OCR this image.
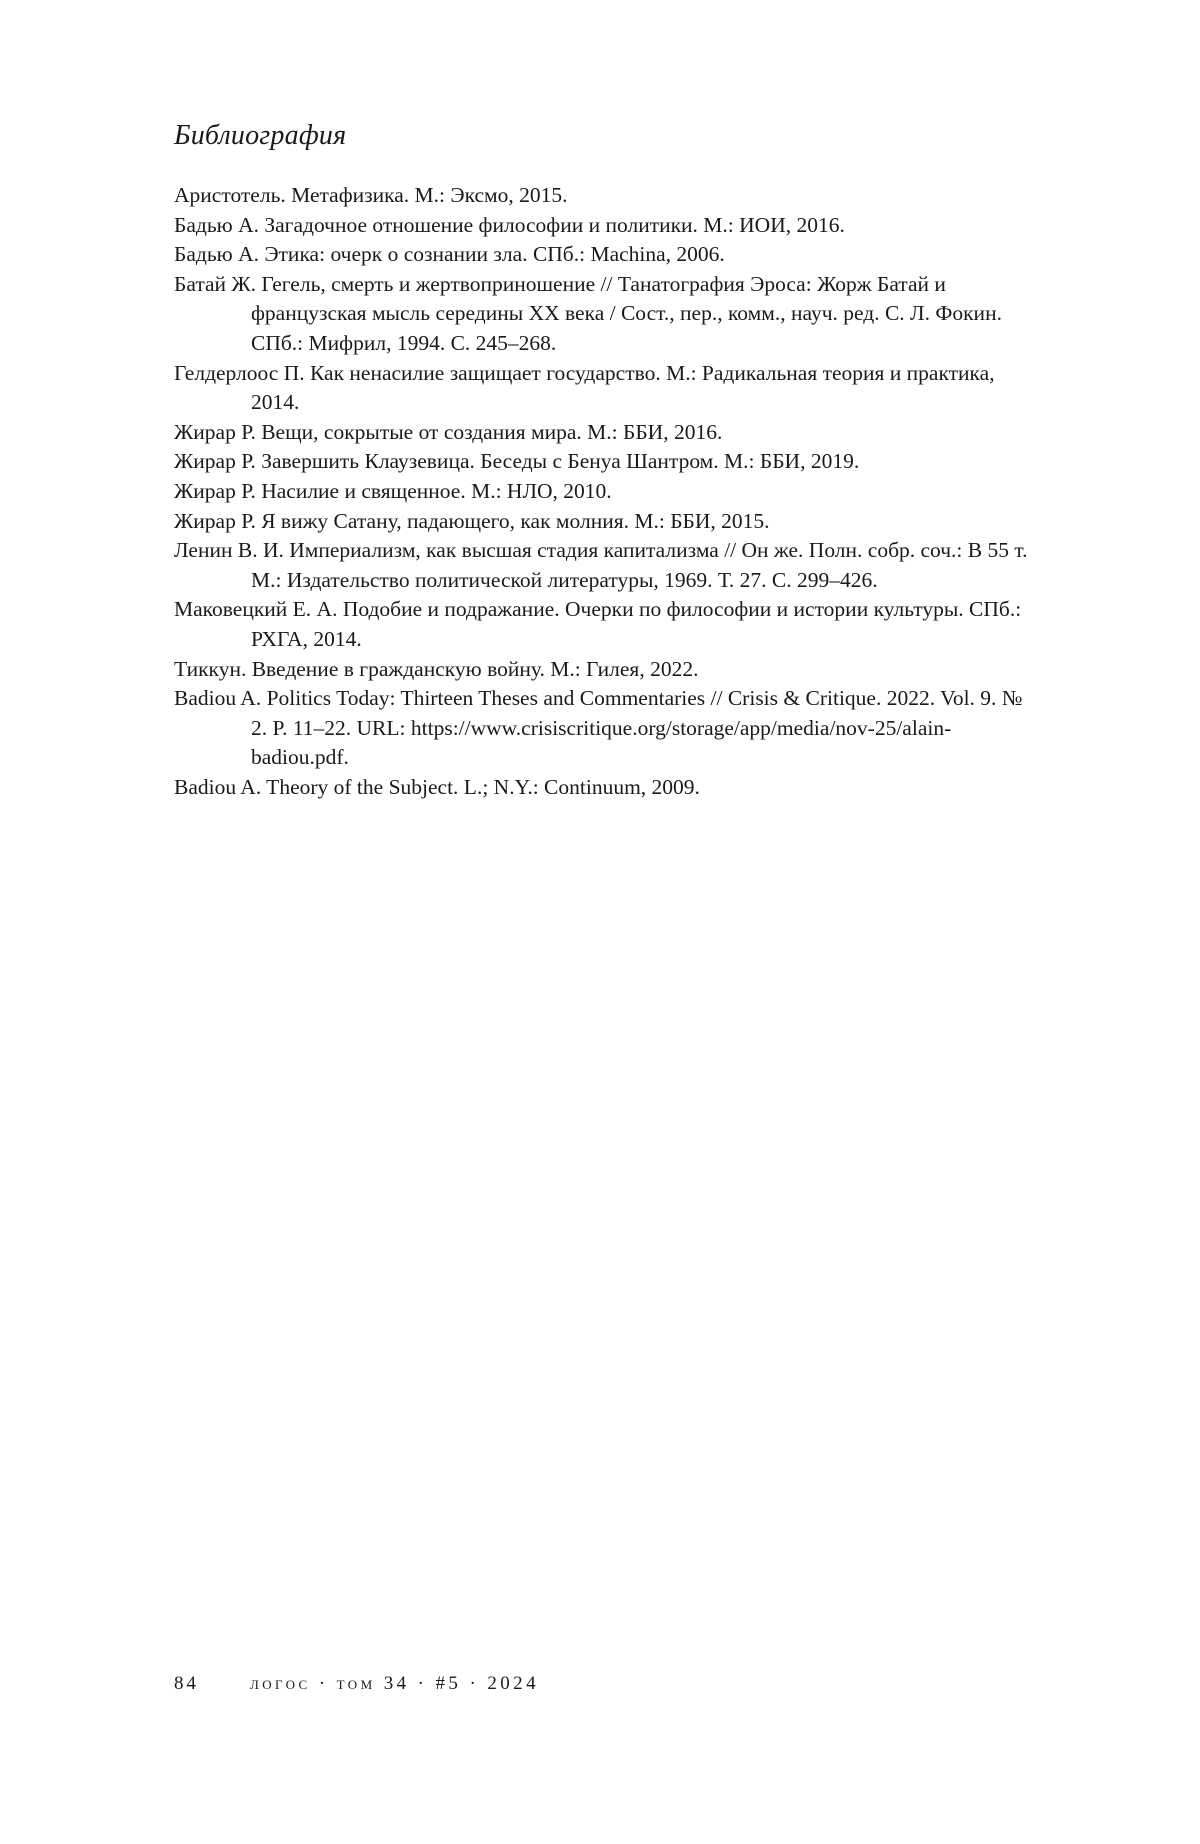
Библиография
Аристотель. Метафизика. М.: Эксмо, 2015.
Бадью А. Загадочное отношение философии и политики. М.: ИОИ, 2016.
Бадью А. Этика: очерк о сознании зла. СПб.: Machina, 2006.
Батай Ж. Гегель, смерть и жертвоприношение // Танатография Эроса: Жорж Батай и французская мысль середины XX века / Сост., пер., комм., науч. ред. С. Л. Фокин. СПб.: Мифрил, 1994. С. 245–268.
Гелдерлоос П. Как ненасилие защищает государство. М.: Радикальная теория и практика, 2014.
Жирар Р. Вещи, сокрытые от создания мира. М.: ББИ, 2016.
Жирар Р. Завершить Клаузевица. Беседы с Бенуа Шантром. М.: ББИ, 2019.
Жирар Р. Насилие и священное. М.: НЛО, 2010.
Жирар Р. Я вижу Сатану, падающего, как молния. М.: ББИ, 2015.
Ленин В. И. Империализм, как высшая стадия капитализма // Он же. Полн. собр. соч.: В 55 т. М.: Издательство политической литературы, 1969. Т. 27. С. 299–426.
Маковецкий Е. А. Подобие и подражание. Очерки по философии и истории культуры. СПб.: РХГА, 2014.
Тиккун. Введение в гражданскую войну. М.: Гилея, 2022.
Badiou A. Politics Today: Thirteen Theses and Commentaries // Crisis & Critique. 2022. Vol. 9. № 2. P. 11–22. URL: https://www.crisiscritique.org/storage/app/media/nov-25/alain-badiou.pdf.
Badiou A. Theory of the Subject. L.; N.Y.: Continuum, 2009.
84	логос · том 34 · #5 · 2024
